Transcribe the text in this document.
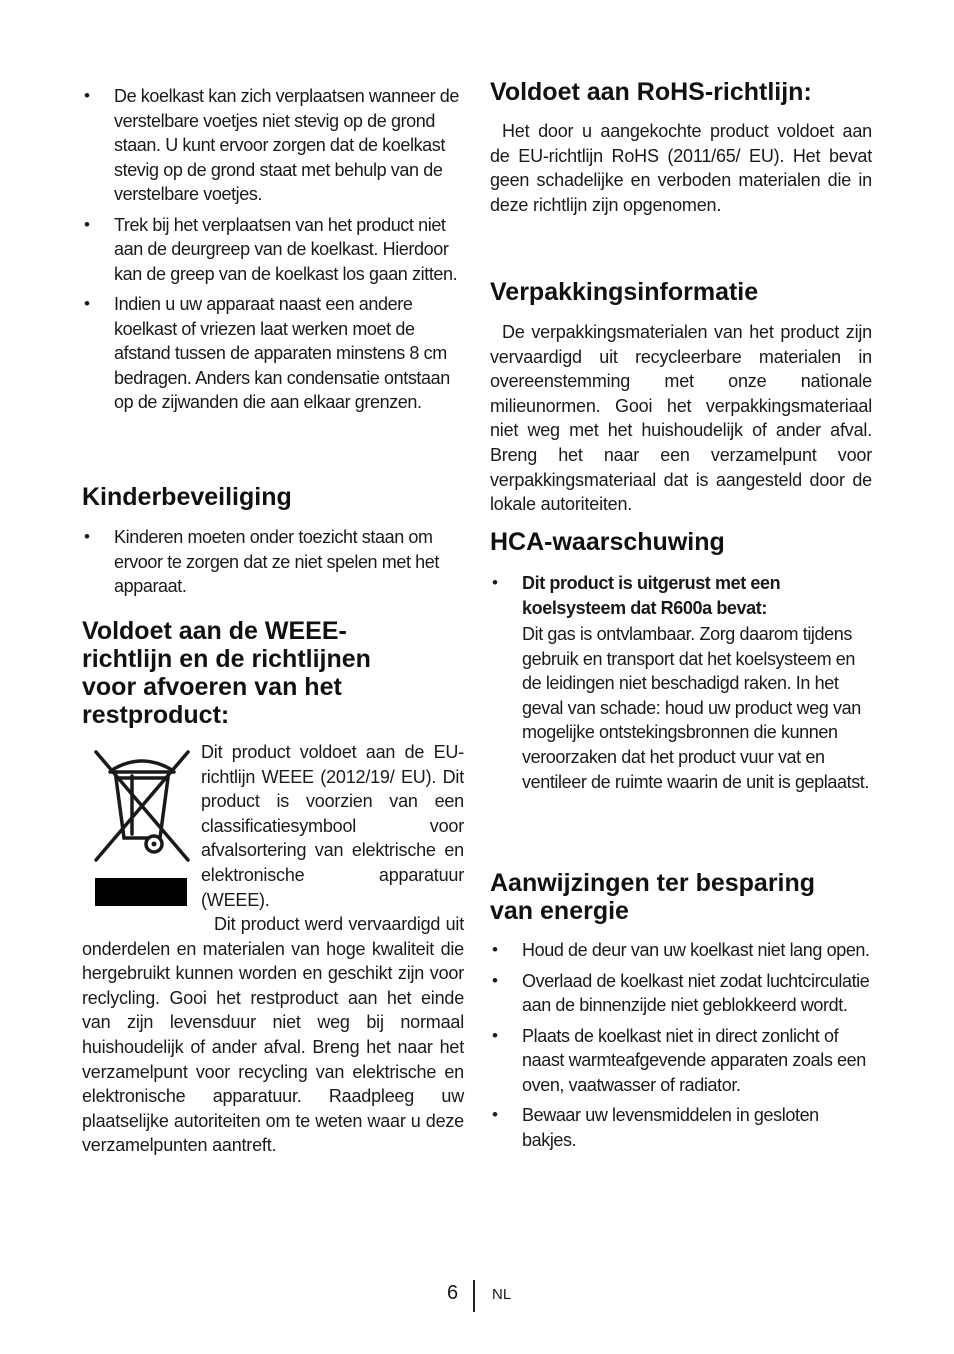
• De koelkast kan zich verplaatsen wanneer de verstelbare voetjes niet stevig op de grond staan. U kunt ervoor zorgen dat de koelkast stevig op de grond staat met behulp van de verstelbare voetjes.
• Trek bij het verplaatsen van het product niet aan de deurgreep van de koelkast. Hierdoor kan de greep van de koelkast los gaan zitten.
• Indien u uw apparaat naast een andere koelkast of vriezen laat werken moet de afstand tussen de apparaten minstens 8 cm bedragen. Anders kan condensatie ontstaan op de zijwanden die aan elkaar grenzen.
Kinderbeveiliging
• Kinderen moeten onder toezicht staan om ervoor te zorgen dat ze niet spelen met het apparaat.
Voldoet aan de WEEE-richtlijn en de richtlijnen voor afvoeren van het restproduct:

Dit product voldoet aan de EU-richtlijn WEEE (2012/19/ EU). Dit product is voorzien van een classificatiesymbool voor afvalsortering van elektrische en elektronische apparatuur (WEEE).

Dit product werd vervaardigd uit onderdelen en materialen van hoge kwaliteit die hergebruikt kunnen worden en geschikt zijn voor reclycling. Gooi het restproduct aan het einde van zijn levensduur niet weg bij normaal huishoudelijk of ander afval. Breng het naar het verzamelpunt voor recycling van elektrische en elektronische apparatuur. Raadpleeg uw plaatselijke autoriteiten om te weten waar u deze verzamelpunten aantreft.

Voldoet aan RoHS-richtlijn:

Het door u aangekochte product voldoet aan de EU-richtlijn RoHS (2011/65/ EU). Het bevat geen schadelijke en verboden materialen die in deze richtlijn zijn opgenomen.

Verpakkingsinformatie

De verpakkingsmaterialen van het product zijn vervaardigd uit recycleerbare materialen in overeenstemming met onze nationale milieunormen. Gooi het verpakkingsmateriaal niet weg met het huishoudelijk of ander afval. Breng het naar een verzamelpunt voor verpakkingsmateriaal dat is aangesteld door de lokale autoriteiten.

HCA-waarschuwing
• Dit product is uitgerust met een koelsysteem dat R600a bevat:
Dit gas is ontvlambaar. Zorg daarom tijdens gebruik en transport dat het koelsysteem en de leidingen niet beschadigd raken. In het geval van schade: houd uw product weg van mogelijke ontstekingsbronnen die kunnen veroorzaken dat het product vuur vat en ventileer de ruimte waarin de unit is geplaatst.
Aanwijzingen ter besparing van energie
• Houd de deur van uw koelkast niet lang open.
• Overlaad de koelkast niet zodat luchtcirculatie aan de binnenzijde niet geblokkeerd wordt.
• Plaats de koelkast niet in direct zonlicht of naast warmteafgevende apparaten zoals een oven, vaatwasser of radiator.
• Bewaar uw levensmiddelen in gesloten bakjes.
6 NL
